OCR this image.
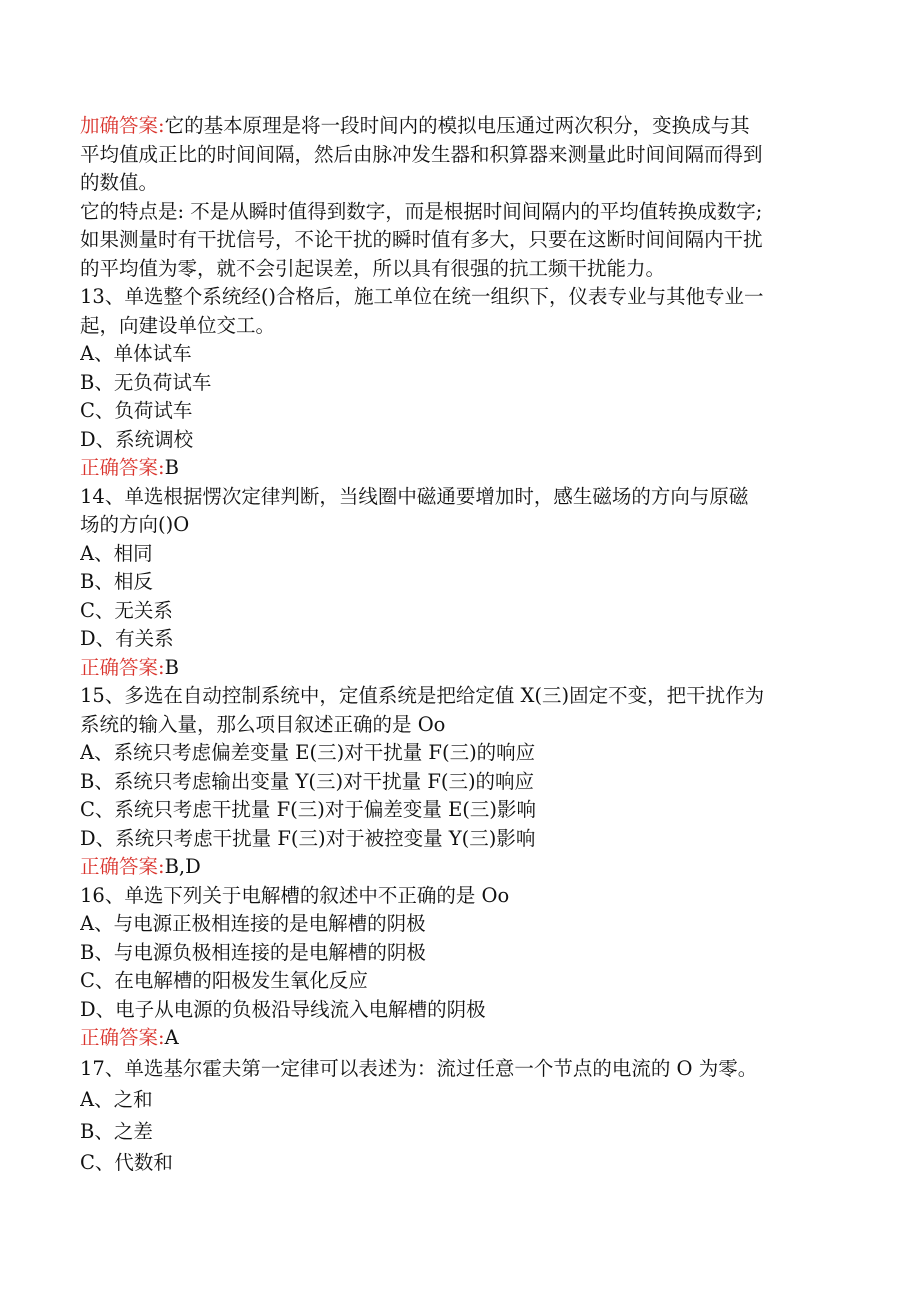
加确答案:它的基本原理是将一段时间内的模拟电压通过两次积分，变换成与其
平均值成正比的时间间隔，然后由脉冲发生器和积算器来测量此时间间隔而得到
的数值。
它的特点是: 不是从瞬时值得到数字，而是根据时间间隔内的平均值转换成数字;
如果测量时有干扰信号，不论干扰的瞬时值有多大，只要在这断时间间隔内干扰
的平均值为零，就不会引起误差，所以具有很强的抗工频干扰能力。
13、单选整个系统经()合格后，施工单位在统一组织下，仪表专业与其他专业一
起，向建设单位交工。
A、单体试车
B、无负荷试车
C、负荷试车
D、系统调校
正确答案:B
14、单选根据愣次定律判断，当线圈中磁通要增加时，感生磁场的方向与原磁
场的方向()O
A、相同
B、相反
C、无关系
D、有关系
正确答案:B
15、多选在自动控制系统中，定值系统是把给定值 X(三)固定不变，把干扰作为
系统的输入量，那么项目叙述正确的是 Oo
A、系统只考虑偏差变量 E(三)对干扰量 F(三)的响应
B、系统只考虑输出变量 Y(三)对干扰量 F(三)的响应
C、系统只考虑干扰量 F(三)对于偏差变量 E(三)影响
D、系统只考虑干扰量 F(三)对于被控变量 Y(三)影响
正确答案:B,D
16、单选下列关于电解槽的叙述中不正确的是 Oo
A、与电源正极相连接的是电解槽的阴极
B、与电源负极相连接的是电解槽的阴极
C、在电解槽的阳极发生氧化反应
D、电子从电源的负极沿导线流入电解槽的阴极
正确答案:A
17、单选基尔霍夫第一定律可以表述为：流过任意一个节点的电流的 O 为零。
A、之和
B、之差
C、代数和
